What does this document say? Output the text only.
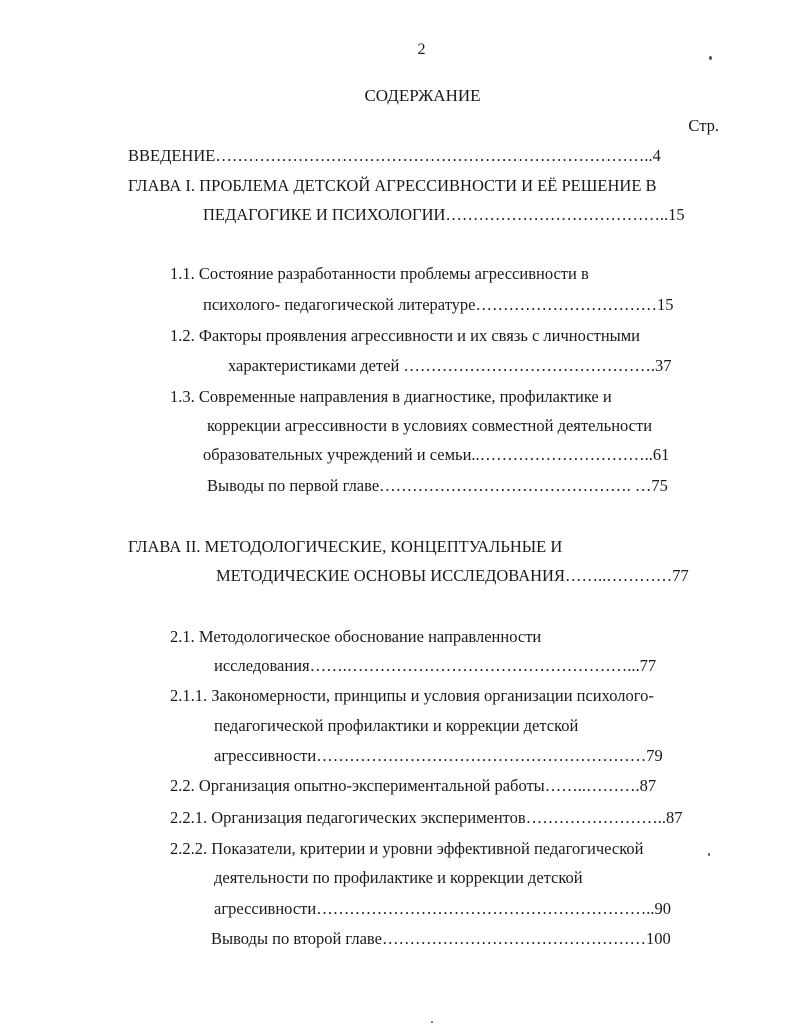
2
СОДЕРЖАНИЕ
Стр.
ВВЕДЕНИЕ……………………………………………………………………..4
ГЛАВА I. ПРОБЛЕМА ДЕТСКОЙ АГРЕССИВНОСТИ И ЕЁ РЕШЕНИЕ В
ПЕДАГОГИКЕ И ПСИХОЛОГИИ…………………………………..15
1.1. Состояние разработанности проблемы агрессивности в
психолого- педагогической литературе……………………………15
1.2. Факторы проявления агрессивности и их связь с личностными
характеристиками детей ……………………………………….37
1.3. Современные направления в диагностике, профилактике и
коррекции агрессивности в условиях совместной деятельности
образовательных учреждений и семьи..…………………………..61
Выводы по первой главе………………………………………. …75
ГЛАВА II. МЕТОДОЛОГИЧЕСКИЕ, КОНЦЕПТУАЛЬНЫЕ И
МЕТОДИЧЕСКИЕ ОСНОВЫ ИССЛЕДОВАНИЯ……..…………77
2.1. Методологическое обоснование направленности
исследования…….……………………………………………...77
2.1.1. Закономерности, принципы и условия организации психолого-
педагогической профилактики и коррекции детской
агрессивности……………………………………………………79
2.2. Организация опытно-экспериментальной работы……..……….87
2.2.1. Организация педагогических экспериментов……………………..87
2.2.2. Показатели, критерии и уровни эффективной педагогической
деятельности по профилактике и коррекции детской
агрессивности……………………………………………………..90
Выводы по второй главе…………………………………………100
